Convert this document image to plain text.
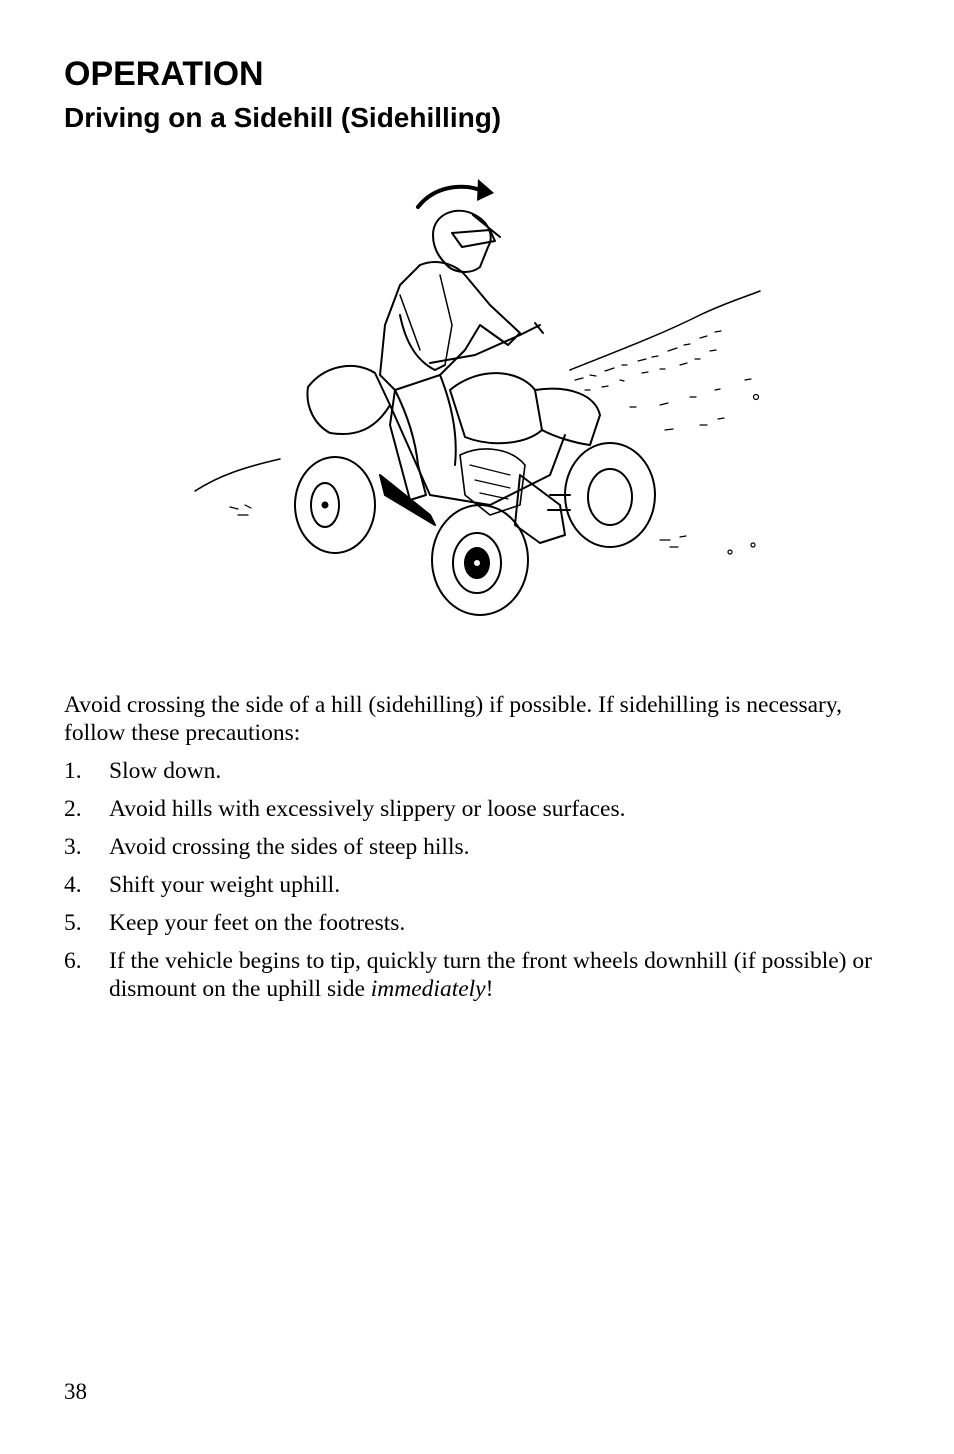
OPERATION
Driving on a Sidehill (Sidehilling)

Avoid crossing the side of a hill (sidehilling) if possible. If sidehilling is necessary, follow these precautions:

1. Slow down.
2. Avoid hills with excessively slippery or loose surfaces.
3. Avoid crossing the sides of steep hills.
4. Shift your weight uphill.
5. Keep your feet on the footrests.
6. If the vehicle begins to tip, quickly turn the front wheels downhill (if possible) or dismount on the uphill side immediately!
38
